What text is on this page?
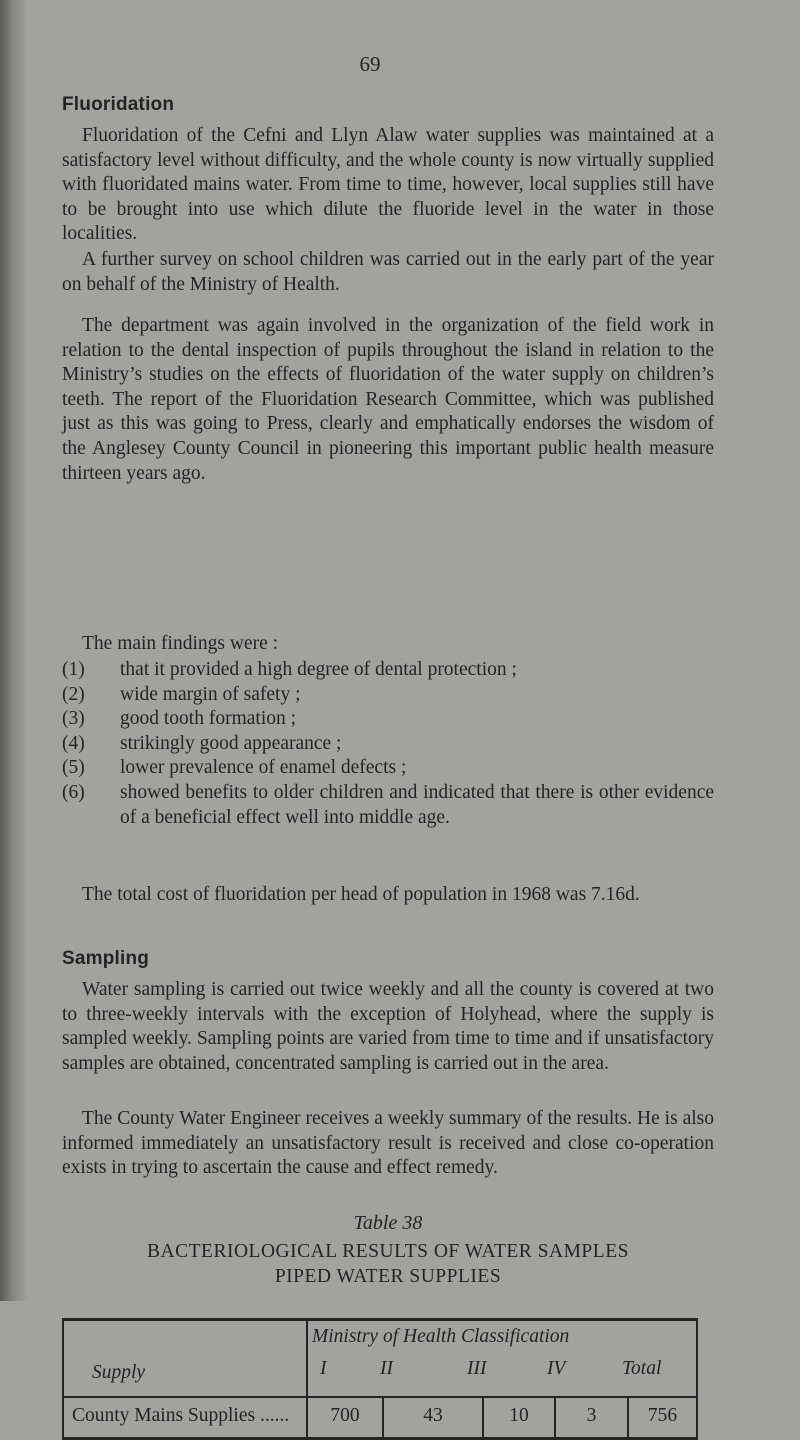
69
Fluoridation

Fluoridation of the Cefni and Llyn Alaw water supplies was maintained at a satisfactory level without difficulty, and the whole county is now virtually supplied with fluoridated mains water. From time to time, however, local supplies still have to be brought into use which dilute the fluoride level in the water in those localities.

A further survey on school children was carried out in the early part of the year on behalf of the Ministry of Health.

The department was again involved in the organization of the field work in relation to the dental inspection of pupils throughout the island in relation to the Ministry’s studies on the effects of fluoridation of the water supply on children’s teeth. The report of the Fluoridation Research Committee, which was published just as this was going to Press, clearly and emphatically endorses the wisdom of the Anglesey County Council in pioneering this important public health measure thirteen years ago.

The main findings were :

(1) that it provided a high degree of dental protection ;
(2) wide margin of safety ;
(3) good tooth formation ;
(4) strikingly good appearance ;
(5) lower prevalence of enamel defects ;
(6) showed benefits to older children and indicated that there is other evidence of a beneficial effect well into middle age.

The total cost of fluoridation per head of population in 1968 was 7.16d.

Sampling

Water sampling is carried out twice weekly and all the county is covered at two to three-weekly intervals with the exception of Holyhead, where the supply is sampled weekly. Sampling points are varied from time to time and if unsatisfactory samples are obtained, concentrated sampling is carried out in the area.

The County Water Engineer receives a weekly summary of the results. He is also informed immediately an unsatisfactory result is received and close co-operation exists in trying to ascertain the cause and effect remedy.

Table 38
BACTERIOLOGICAL RESULTS OF WATER SAMPLES
PIPED WATER SUPPLIES
Supply
Ministry of Health Classification
I	II	III	IV	Total
County Mains Supplies ......	700	43	10	3	756
